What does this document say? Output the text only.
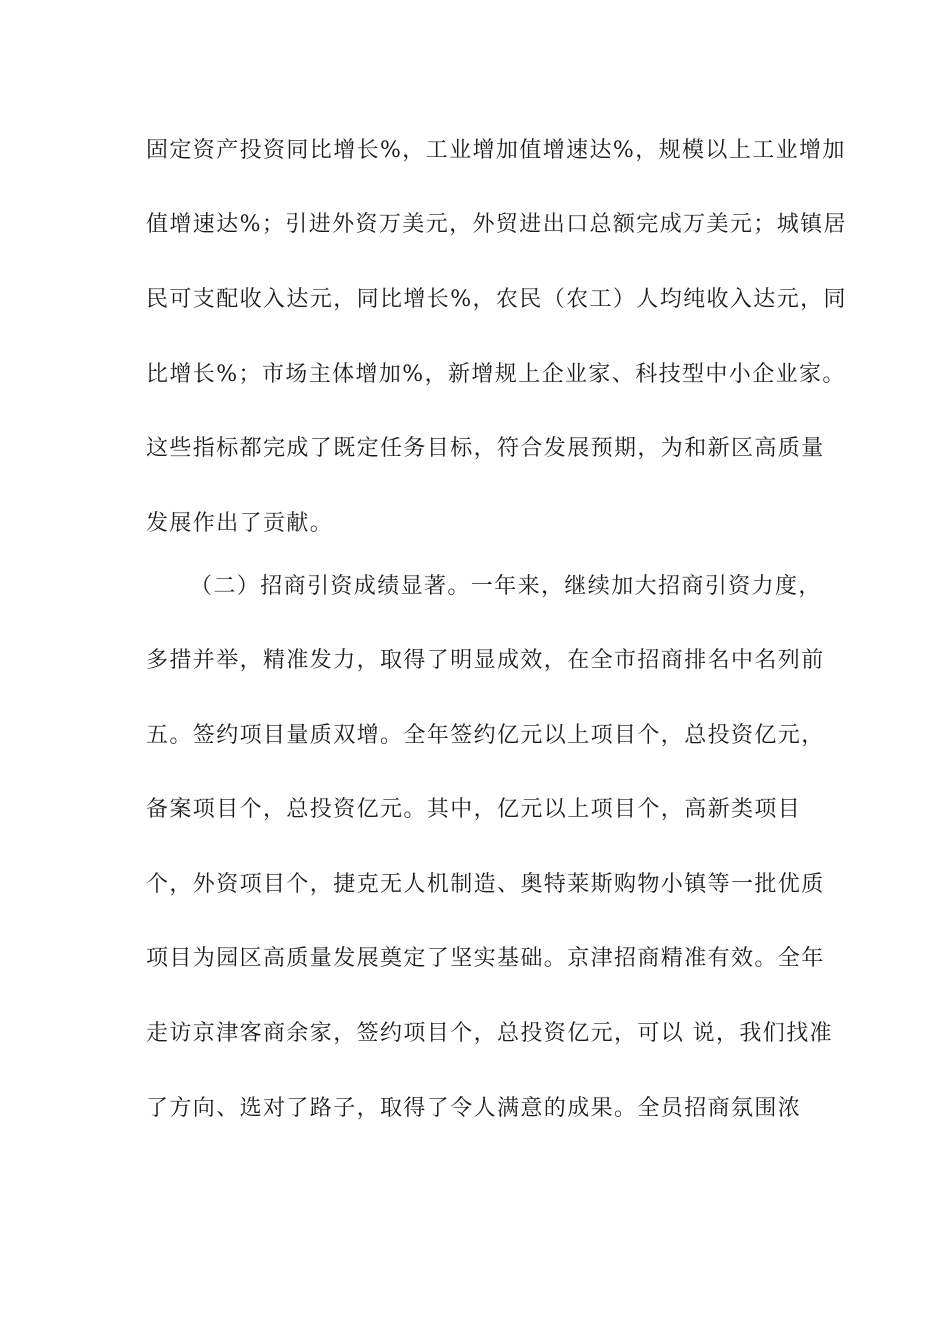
固定资产投资同比增长%，工业增加值增速达%，规模以上工业增加
值增速达%；引进外资万美元，外贸进出口总额完成万美元；城镇居
民可支配收入达元，同比增长%，农民（农工）人均纯收入达元，同
比增长%；市场主体增加%，新增规上企业家、科技型中小企业家。
这些指标都完成了既定任务目标，符合发展预期，为和新区高质量
发展作出了贡献。
（二）招商引资成绩显著。一年来，继续加大招商引资力度，
多措并举，精准发力，取得了明显成效，在全市招商排名中名列前
五。签约项目量质双增。全年签约亿元以上项目个，总投资亿元，
备案项目个，总投资亿元。其中，亿元以上项目个，高新类项目
个，外资项目个，捷克无人机制造、奥特莱斯购物小镇等一批优质
项目为园区高质量发展奠定了坚实基础。京津招商精准有效。全年
走访京津客商余家，签约项目个，总投资亿元，可以 说，我们找准
了方向、选对了路子，取得了令人满意的成果。全员招商氛围浓
